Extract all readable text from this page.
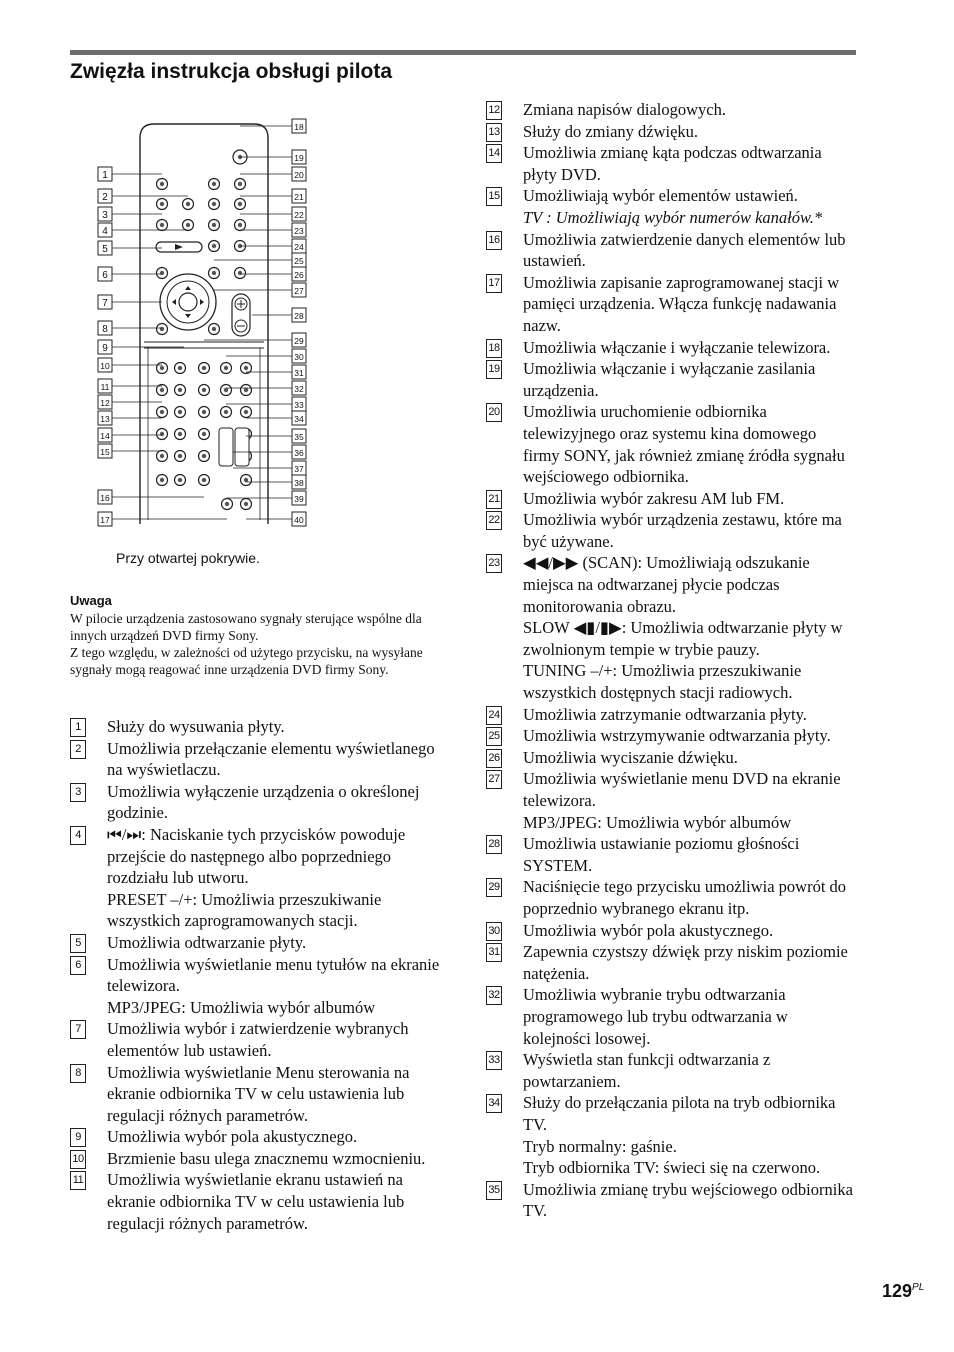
Zwięzła instrukcja obsługi pilota
1
2
3
4
5
6
7
8
9
10
11
12
13
14
15
16
17
18
19
20
21
22
23
24
25
26
27
28
29
30
31
32
33
34
35
36
37
38
39
40
Przy otwartej pokrywie.
Uwaga

W pilocie urządzenia zastosowano sygnały sterujące wspólne dla innych urządzeń DVD firmy Sony.

Z tego względu, w zależności od użytego przycisku, na wysyłane sygnały mogą reagować inne urządzenia DVD firmy Sony.

1	Służy do wysuwania płyty.
2	Umożliwia przełączanie elementu wyświetlanego na wyświetlaczu.
3	Umożliwia wyłączenie urządzenia o określonej godzinie.
4	⏮/⏭: Naciskanie tych przycisków powoduje przejście do następnego albo poprzedniego rozdziału lub utworu.
PRESET –/+: Umożliwia przeszukiwanie wszystkich zaprogramowanych stacji.
5	Umożliwia odtwarzanie płyty.
6	Umożliwia wyświetlanie menu tytułów na ekranie telewizora.
MP3/JPEG: Umożliwia wybór albumów
7	Umożliwia wybór i zatwierdzenie wybranych elementów lub ustawień.
8	Umożliwia wyświetlanie Menu sterowania na ekranie odbiornika TV w celu ustawienia lub regulacji różnych parametrów.
9	Umożliwia wybór pola akustycznego.
10 Brzmienie basu ulega znacznemu wzmocnieniu.
11 Umożliwia wyświetlanie ekranu ustawień na ekranie odbiornika TV w celu ustawienia lub regulacji różnych parametrów.
12 Zmiana napisów dialogowych.
13 Służy do zmiany dźwięku.
14 Umożliwia zmianę kąta podczas odtwarzania płyty DVD.
15 Umożliwiają wybór elementów ustawień.
TV : Umożliwiają wybór numerów kanałów.*
16 Umożliwia zatwierdzenie danych elementów lub ustawień.
17 Umożliwia zapisanie zaprogramowanej stacji w pamięci urządzenia. Włącza funkcję nadawania nazw.
18 Umożliwia włączanie i wyłączanie telewizora.
19 Umożliwia włączanie i wyłączanie zasilania urządzenia.
20 Umożliwia uruchomienie odbiornika telewizyjnego oraz systemu kina domowego firmy SONY, jak również zmianę źródła sygnału wejściowego odbiornika.
21 Umożliwia wybór zakresu AM lub FM.
22 Umożliwia wybór urządzenia zestawu, które ma być używane.
23 ◀◀/▶▶ (SCAN): Umożliwiają odszukanie miejsca na odtwarzanej płycie podczas monitorowania obrazu.
SLOW ◀▮/▮▶: Umożliwia odtwarzanie płyty w zwolnionym tempie w trybie pauzy.
TUNING –/+: Umożliwia przeszukiwanie wszystkich dostępnych stacji radiowych.
24 Umożliwia zatrzymanie odtwarzania płyty.
25 Umożliwia wstrzymywanie odtwarzania płyty.
26 Umożliwia wyciszanie dźwięku.
27 Umożliwia wyświetlanie menu DVD na ekranie telewizora.
MP3/JPEG: Umożliwia wybór albumów
28 Umożliwia ustawianie poziomu głośności SYSTEM.
29 Naciśnięcie tego przycisku umożliwia powrót do poprzednio wybranego ekranu itp.
30 Umożliwia wybór pola akustycznego.
31 Zapewnia czystszy dźwięk przy niskim poziomie natężenia.
32 Umożliwia wybranie trybu odtwarzania programowego lub trybu odtwarzania w kolejności losowej.
33 Wyświetla stan funkcji odtwarzania z powtarzaniem.
34 Służy do przełączania pilota na tryb odbiornika TV.
Tryb normalny: gaśnie.
Tryb odbiornika TV: świeci się na czerwono.
35 Umożliwia zmianę trybu wejściowego odbiornika TV.
$129^{PL}$
